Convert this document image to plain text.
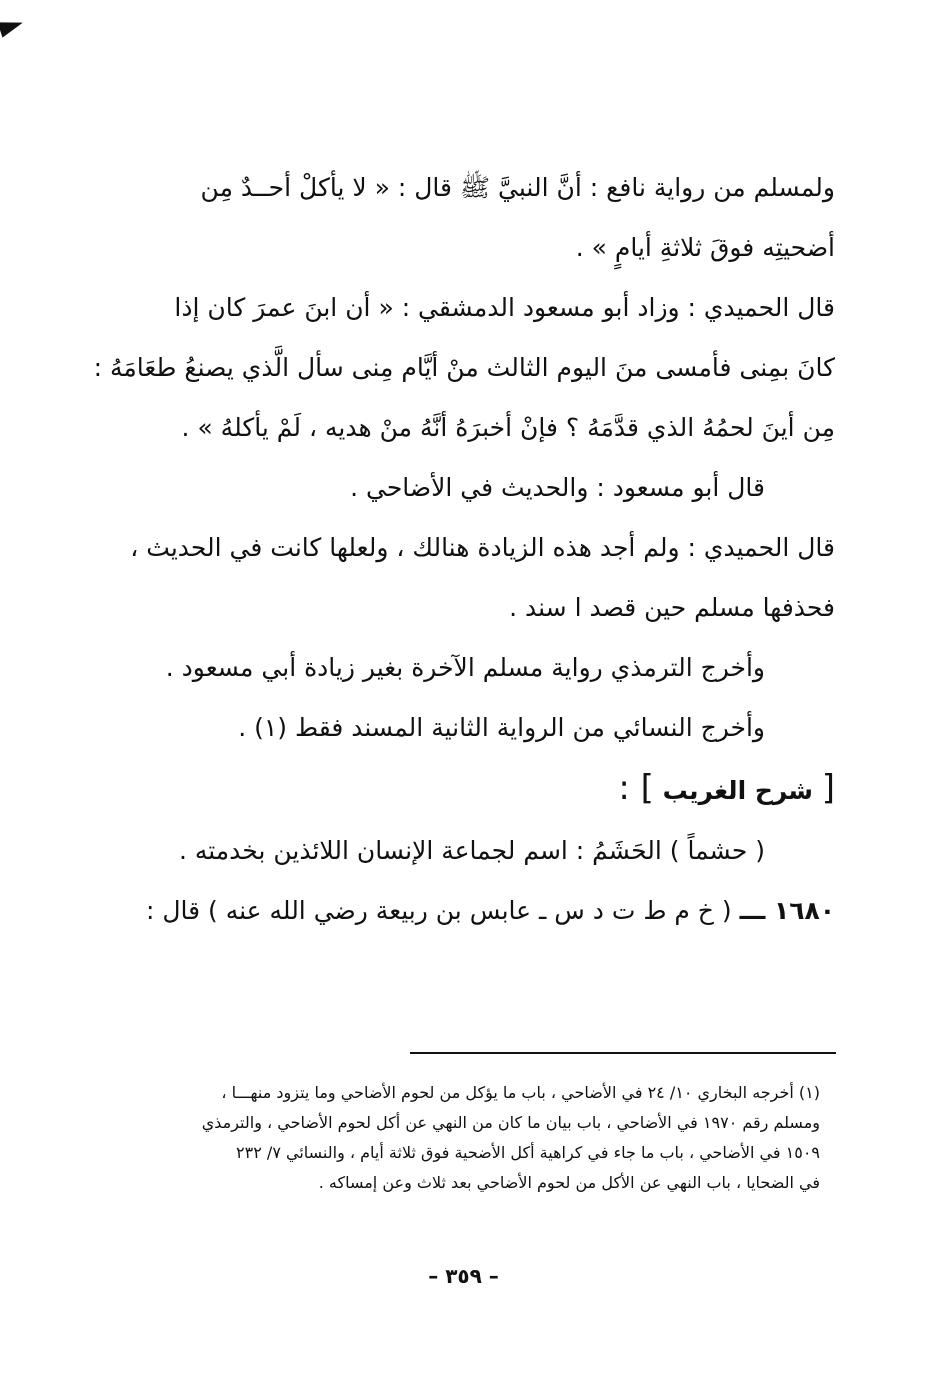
ولمسلم من رواية نافع : أنَّ النبيَّ ﷺ قال : « لا يأكلْ أحــدٌ مِن

أضحيتِه فوقَ ثلاثةِ أيامٍ » .

قال الحميدي : وزاد أبو مسعود الدمشقي : « أن ابنَ عمرَ كان إذا

كانَ بمِنى فأمسى منَ اليوم الثالث منْ أيَّام مِنى سأل الَّذي يصنعُ طعَامَهُ :

مِن أينَ لحمُهُ الذي قدَّمَهُ ؟ فإنْ أخبرَهُ أنَّهُ منْ هديه ، لَمْ يأكلهُ » .

قال أبو مسعود : والحديث في الأضاحي .

قال الحميدي : ولم أجد هذه الزيادة هنالك ، ولعلها كانت في الحديث ،

فحذفها مسلم حين قصد ا سند .

وأخرج الترمذي رواية مسلم الآخرة بغير زيادة أبي مسعود .

وأخرج النسائي من الرواية الثانية المسند فقط (١) .

[ شرح الغريب ] :

( حشماً ) الحَشَمُ : اسم لجماعة الإنسان اللائذين بخدمته .

١٦٨٠ ـــ ( خ م ط ت د س ـ عابس بن ربيعة رضي الله عنه ) قال :

(١) أخرجه البخاري ١٠/ ٢٤ في الأضاحي ، باب ما يؤكل من لحوم الأضاحي وما يتزود منهـــا ،

ومسلم رقم ١٩٧٠ في الأضاحي ، باب بيان ما كان من النهي عن أكل لحوم الأضاحي ، والترمذي

١٥٠٩ في الأضاحي ، باب ما جاء في كراهية أكل الأضحية فوق ثلاثة أيام ، والنسائي ٧/ ٢٣٢

في الضحايا ، باب النهي عن الأكل من لحوم الأضاحي بعد ثلاث وعن إمساكه .

– ٣٥٩ –
